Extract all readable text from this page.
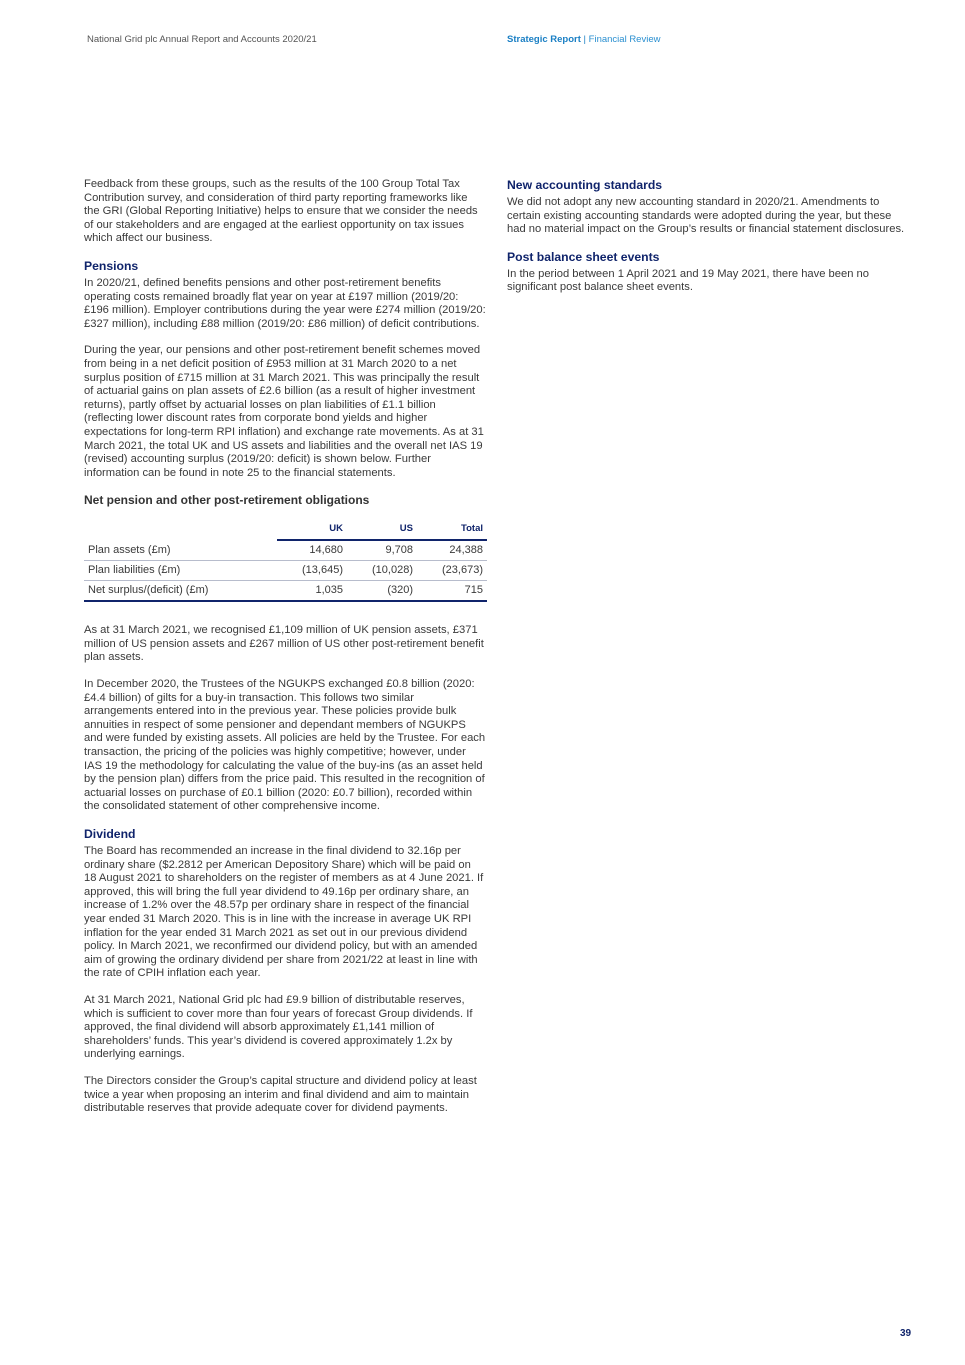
National Grid plc Annual Report and Accounts 2020/21	Strategic Report | Financial Review

Feedback from these groups, such as the results of the 100 Group Total Tax Contribution survey, and consideration of third party reporting frameworks like the GRI (Global Reporting Initiative) helps to ensure that we consider the needs of our stakeholders and are engaged at the earliest opportunity on tax issues which affect our business.

Pensions

In 2020/21, defined benefits pensions and other post-retirement benefits operating costs remained broadly flat year on year at £197 million (2019/20: £196 million). Employer contributions during the year were £274 million (2019/20: £327 million), including £88 million (2019/20: £86 million) of deficit contributions.

During the year, our pensions and other post-retirement benefit schemes moved from being in a net deficit position of £953 million at 31 March 2020 to a net surplus position of £715 million at 31 March 2021. This was principally the result of actuarial gains on plan assets of £2.6 billion (as a result of higher investment returns), partly offset by actuarial losses on plan liabilities of £1.1 billion (reflecting lower discount rates from corporate bond yields and higher expectations for long-term RPI inflation) and exchange rate movements. As at 31 March 2021, the total UK and US assets and liabilities and the overall net IAS 19 (revised) accounting surplus (2019/20: deficit) is shown below. Further information can be found in note 25 to the financial statements.

Net pension and other post-retirement obligations
	UK	US	Total
Plan assets (£m)	14,680	9,708	24,388
Plan liabilities (£m)	(13,645)	(10,028)	(23,673)
Net surplus/(deficit) (£m)	1,035	(320)	715

As at 31 March 2021, we recognised £1,109 million of UK pension assets, £371 million of US pension assets and £267 million of US other post-retirement benefit plan assets.

In December 2020, the Trustees of the NGUKPS exchanged £0.8 billion (2020: £4.4 billion) of gilts for a buy-in transaction. This follows two similar arrangements entered into in the previous year. These policies provide bulk annuities in respect of some pensioner and dependant members of NGUKPS and were funded by existing assets. All policies are held by the Trustee. For each transaction, the pricing of the policies was highly competitive; however, under IAS 19 the methodology for calculating the value of the buy-ins (as an asset held by the pension plan) differs from the price paid. This resulted in the recognition of actuarial losses on purchase of £0.1 billion (2020: £0.7 billion), recorded within the consolidated statement of other comprehensive income.

Dividend

The Board has recommended an increase in the final dividend to 32.16p per ordinary share ($2.2812 per American Depository Share) which will be paid on 18 August 2021 to shareholders on the register of members as at 4 June 2021. If approved, this will bring the full year dividend to 49.16p per ordinary share, an increase of 1.2% over the 48.57p per ordinary share in respect of the financial year ended 31 March 2020. This is in line with the increase in average UK RPI inflation for the year ended 31 March 2021 as set out in our previous dividend policy. In March 2021, we reconfirmed our dividend policy, but with an amended aim of growing the ordinary dividend per share from 2021/22 at least in line with the rate of CPIH inflation each year.

At 31 March 2021, National Grid plc had £9.9 billion of distributable reserves, which is sufficient to cover more than four years of forecast Group dividends. If approved, the final dividend will absorb approximately £1,141 million of shareholders’ funds. This year’s dividend is covered approximately 1.2x by underlying earnings.

The Directors consider the Group’s capital structure and dividend policy at least twice a year when proposing an interim and final dividend and aim to maintain distributable reserves that provide adequate cover for dividend payments.

New accounting standards

We did not adopt any new accounting standard in 2020/21. Amendments to certain existing accounting standards were adopted during the year, but these had no material impact on the Group’s results or financial statement disclosures.

Post balance sheet events

In the period between 1 April 2021 and 19 May 2021, there have been no significant post balance sheet events.

39
